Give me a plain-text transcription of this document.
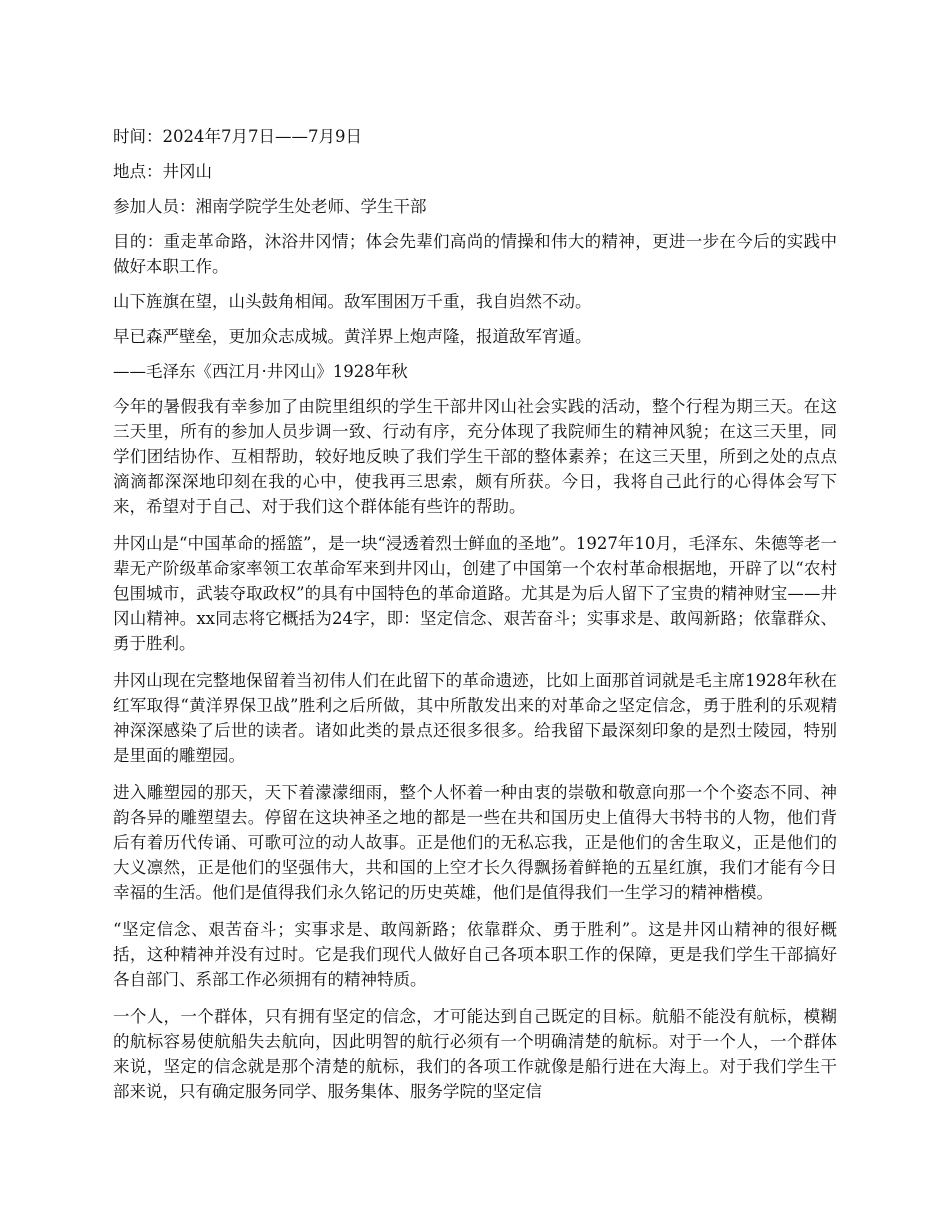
时间：2024年7月7日——7月9日

地点：井冈山

参加人员：湘南学院学生处老师、学生干部

目的：重走革命路，沐浴井冈情；体会先辈们高尚的情操和伟大的精神，更进一步在今后的实践中做好本职工作。

山下旌旗在望，山头鼓角相闻。敌军围困万千重，我自岿然不动。

早已森严壁垒，更加众志成城。黄洋界上炮声隆，报道敌军宵遁。

——毛泽东《西江月·井冈山》1928年秋

今年的暑假我有幸参加了由院里组织的学生干部井冈山社会实践的活动，整个行程为期三天。在这三天里，所有的参加人员步调一致、行动有序，充分体现了我院师生的精神风貌；在这三天里，同学们团结协作、互相帮助，较好地反映了我们学生干部的整体素养；在这三天里，所到之处的点点滴滴都深深地印刻在我的心中，使我再三思索，颇有所获。今日，我将自己此行的心得体会写下来，希望对于自己、对于我们这个群体能有些许的帮助。

井冈山是“中国革命的摇篮”，是一块“浸透着烈士鲜血的圣地”。1927年10月，毛泽东、朱德等老一辈无产阶级革命家率领工农革命军来到井冈山，创建了中国第一个农村革命根据地，开辟了以“农村包围城市，武装夺取政权”的具有中国特色的革命道路。尤其是为后人留下了宝贵的精神财宝——井冈山精神。xx同志将它概括为24字，即：坚定信念、艰苦奋斗；实事求是、敢闯新路；依靠群众、勇于胜利。

井冈山现在完整地保留着当初伟人们在此留下的革命遗迹，比如上面那首词就是毛主席1928年秋在红军取得“黄洋界保卫战”胜利之后所做，其中所散发出来的对革命之坚定信念，勇于胜利的乐观精神深深感染了后世的读者。诸如此类的景点还很多很多。给我留下最深刻印象的是烈士陵园，特别是里面的雕塑园。

进入雕塑园的那天，天下着濛濛细雨，整个人怀着一种由衷的崇敬和敬意向那一个个姿态不同、神韵各异的雕塑望去。停留在这块神圣之地的都是一些在共和国历史上值得大书特书的人物，他们背后有着历代传诵、可歌可泣的动人故事。正是他们的无私忘我，正是他们的舍生取义，正是他们的大义凛然，正是他们的坚强伟大，共和国的上空才长久得飘扬着鲜艳的五星红旗，我们才能有今日幸福的生活。他们是值得我们永久铭记的历史英雄，他们是值得我们一生学习的精神楷模。

“坚定信念、艰苦奋斗；实事求是、敢闯新路；依靠群众、勇于胜利”。这是井冈山精神的很好概括，这种精神并没有过时。它是我们现代人做好自己各项本职工作的保障，更是我们学生干部搞好各自部门、系部工作必须拥有的精神特质。

一个人，一个群体，只有拥有坚定的信念，才可能达到自己既定的目标。航船不能没有航标，模糊的航标容易使航船失去航向，因此明智的航行必须有一个明确清楚的航标。对于一个人，一个群体来说，坚定的信念就是那个清楚的航标，我们的各项工作就像是船行进在大海上。对于我们学生干部来说，只有确定服务同学、服务集体、服务学院的坚定信
